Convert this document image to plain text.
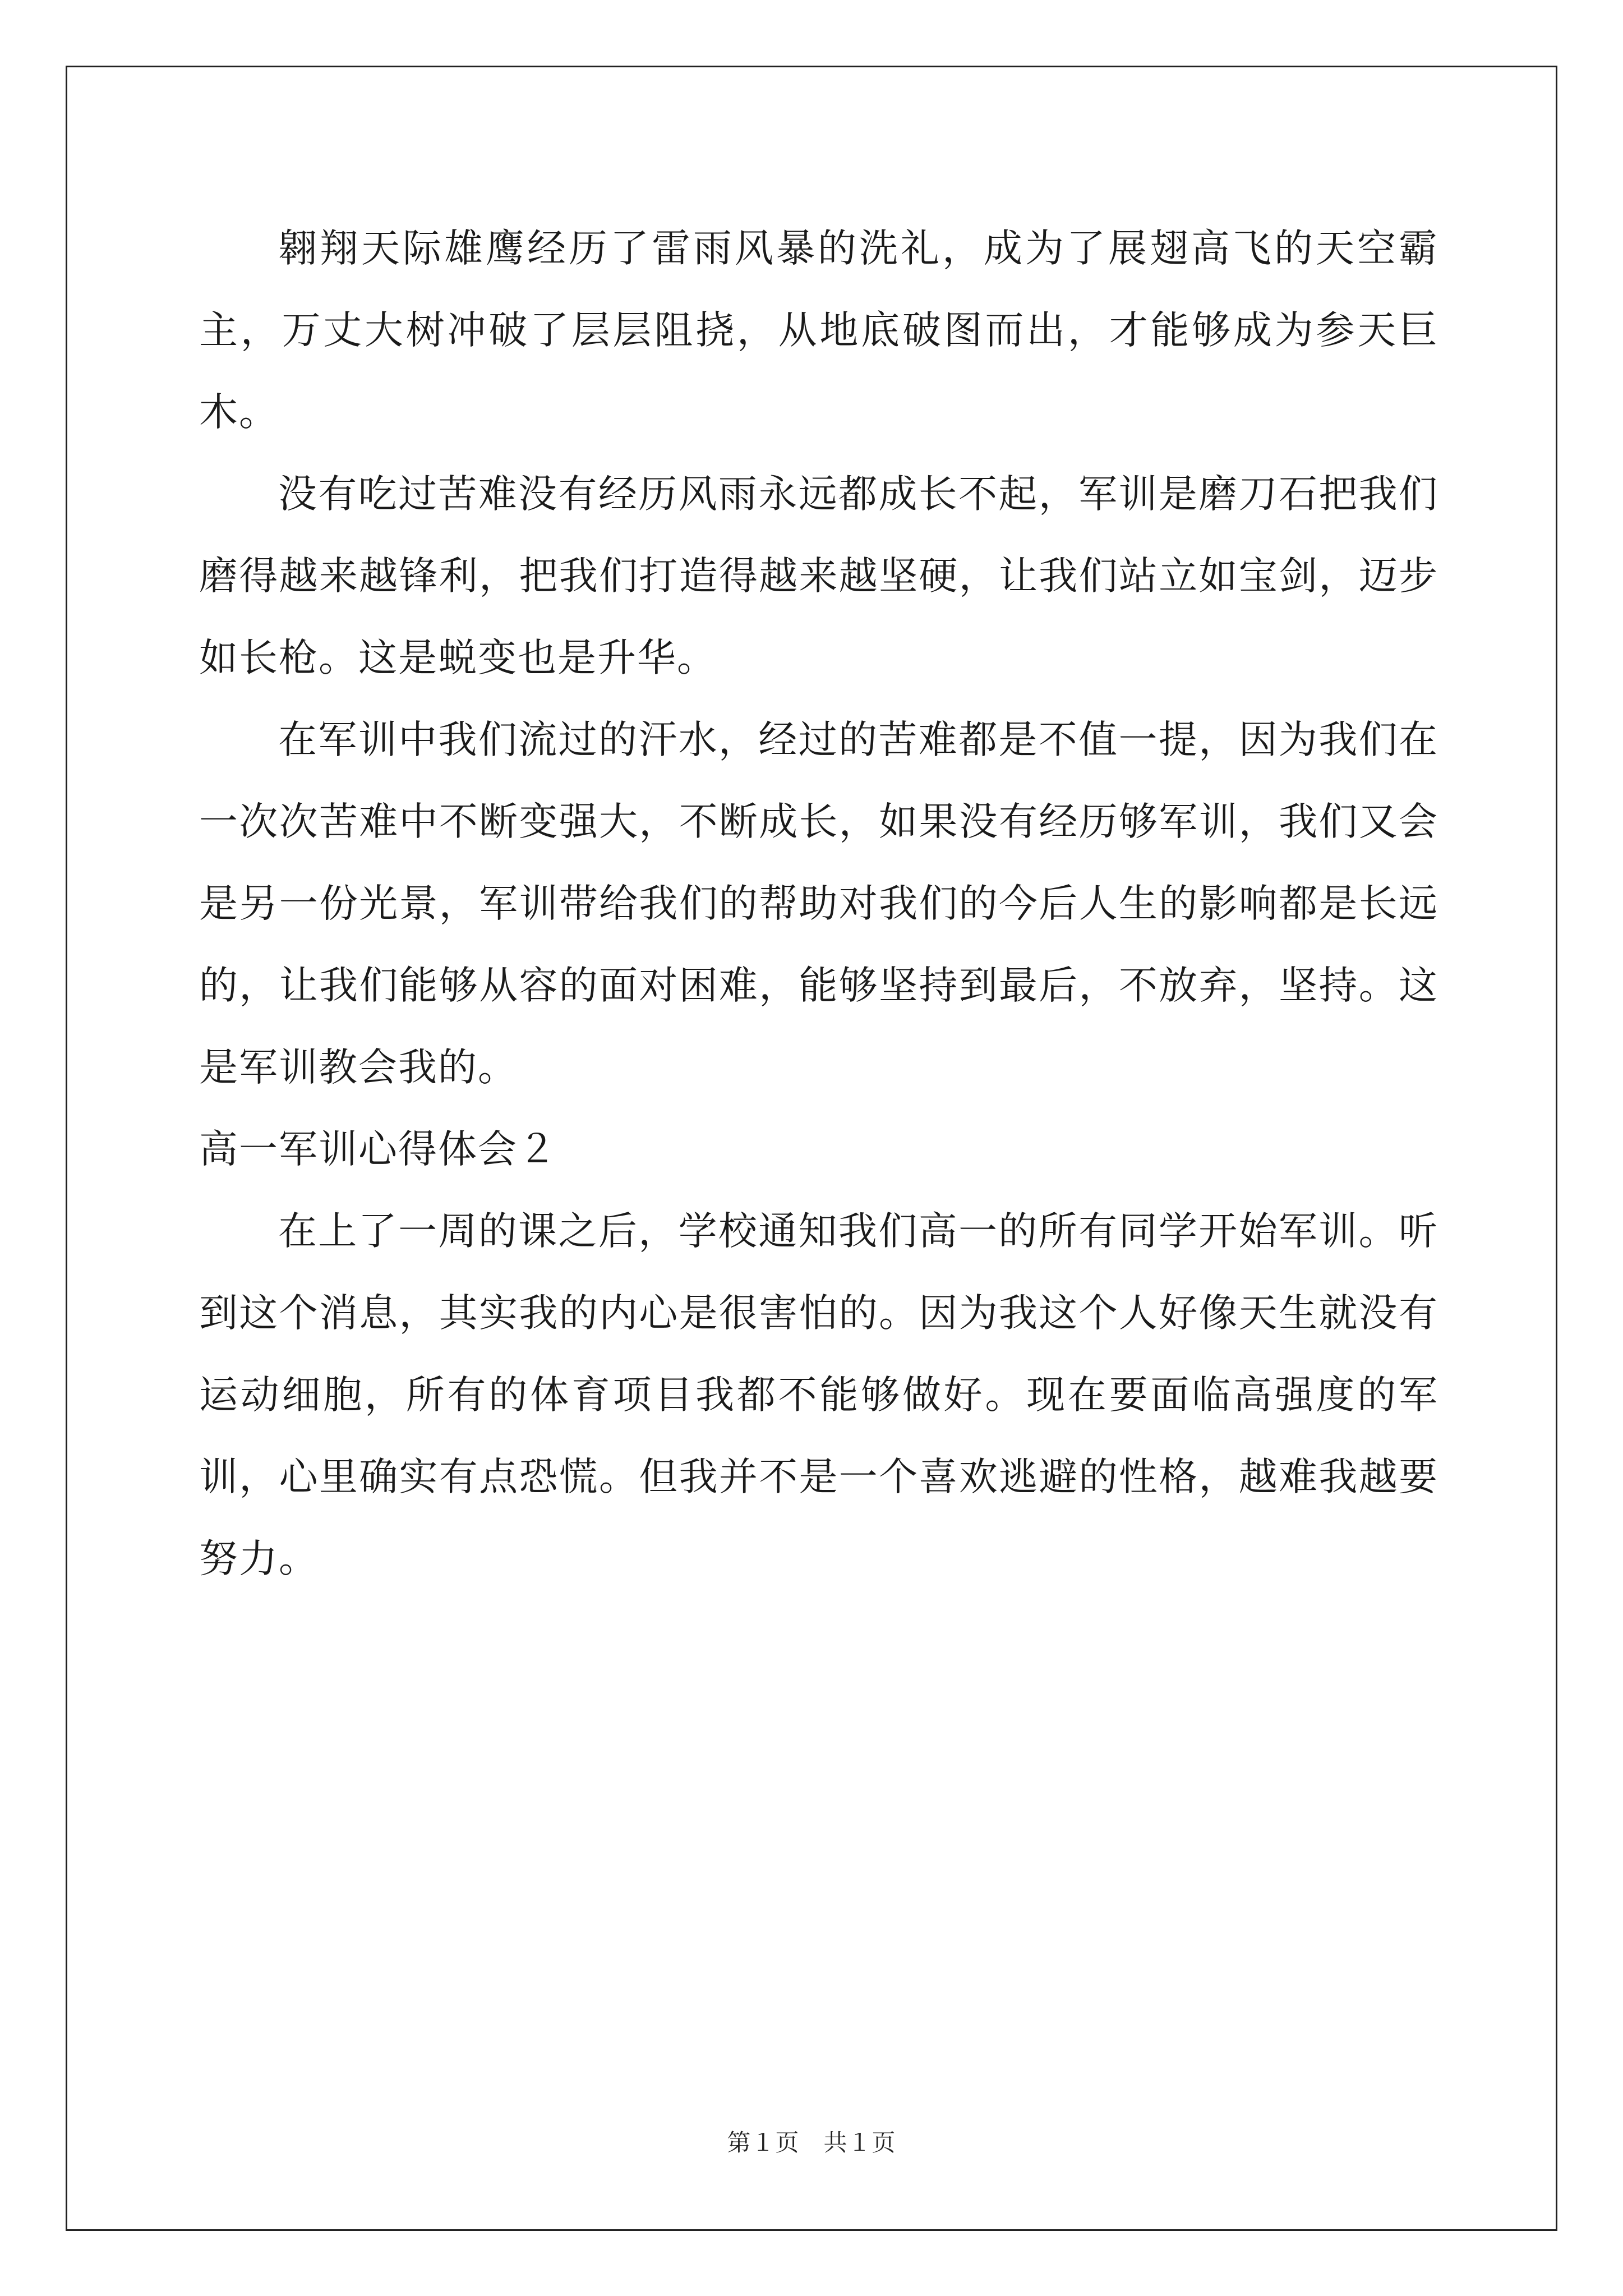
翱翔天际雄鹰经历了雷雨风暴的洗礼，成为了展翅高飞的天空霸主，万丈大树冲破了层层阻挠，从地底破图而出，才能够成为参天巨木。

没有吃过苦难没有经历风雨永远都成长不起，军训是磨刀石把我们磨得越来越锋利，把我们打造得越来越坚硬，让我们站立如宝剑，迈步如长枪。这是蜕变也是升华。

在军训中我们流过的汗水，经过的苦难都是不值一提，因为我们在一次次苦难中不断变强大，不断成长，如果没有经历够军训，我们又会是另一份光景，军训带给我们的帮助对我们的今后人生的影响都是长远的，让我们能够从容的面对困难，能够坚持到最后，不放弃，坚持。这是军训教会我的。

高一军训心得体会２

在上了一周的课之后，学校通知我们高一的所有同学开始军训。听到这个消息，其实我的内心是很害怕的。因为我这个人好像天生就没有运动细胞，所有的体育项目我都不能够做好。现在要面临高强度的军训，心里确实有点恐慌。但我并不是一个喜欢逃避的性格，越难我越要努力。

第１页 共１页
